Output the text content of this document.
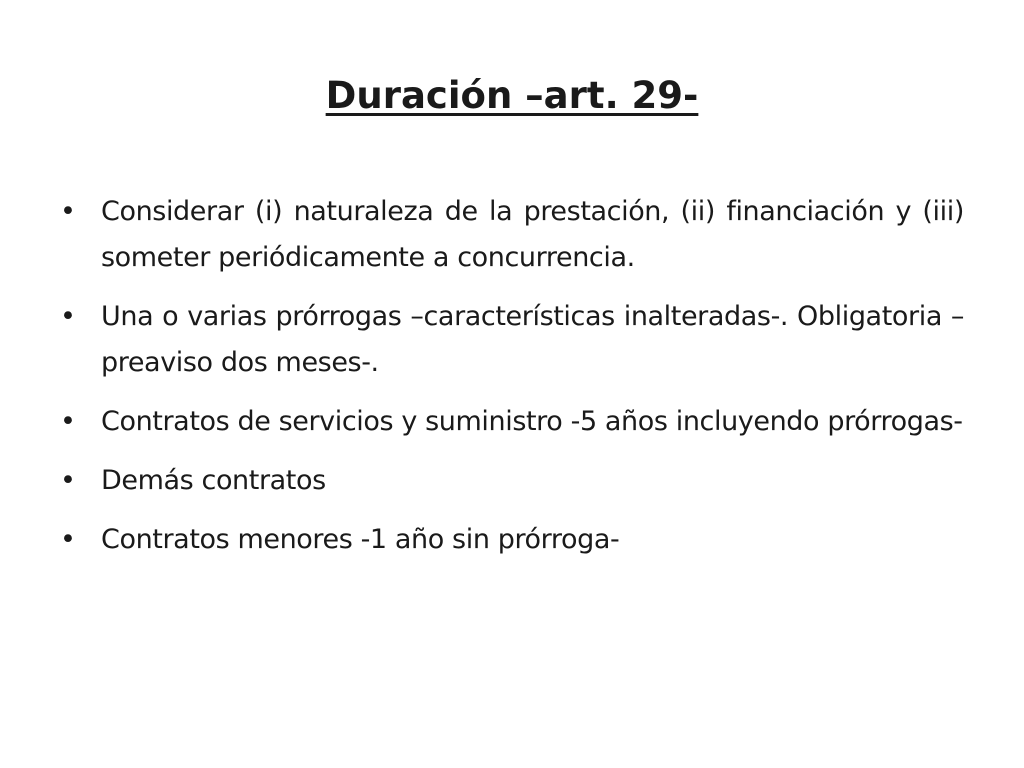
Duración –art. 29-
• Considerar (i) naturaleza de la prestación, (ii) financiación y (iii) someter periódicamente a concurrencia.
• Una o varias prórrogas –características inalteradas-. Obligatoria –preaviso dos meses-.
• Contratos de servicios y suministro -5 años incluyendo prórrogas-
• Demás contratos
• Contratos menores -1 año sin prórroga-
